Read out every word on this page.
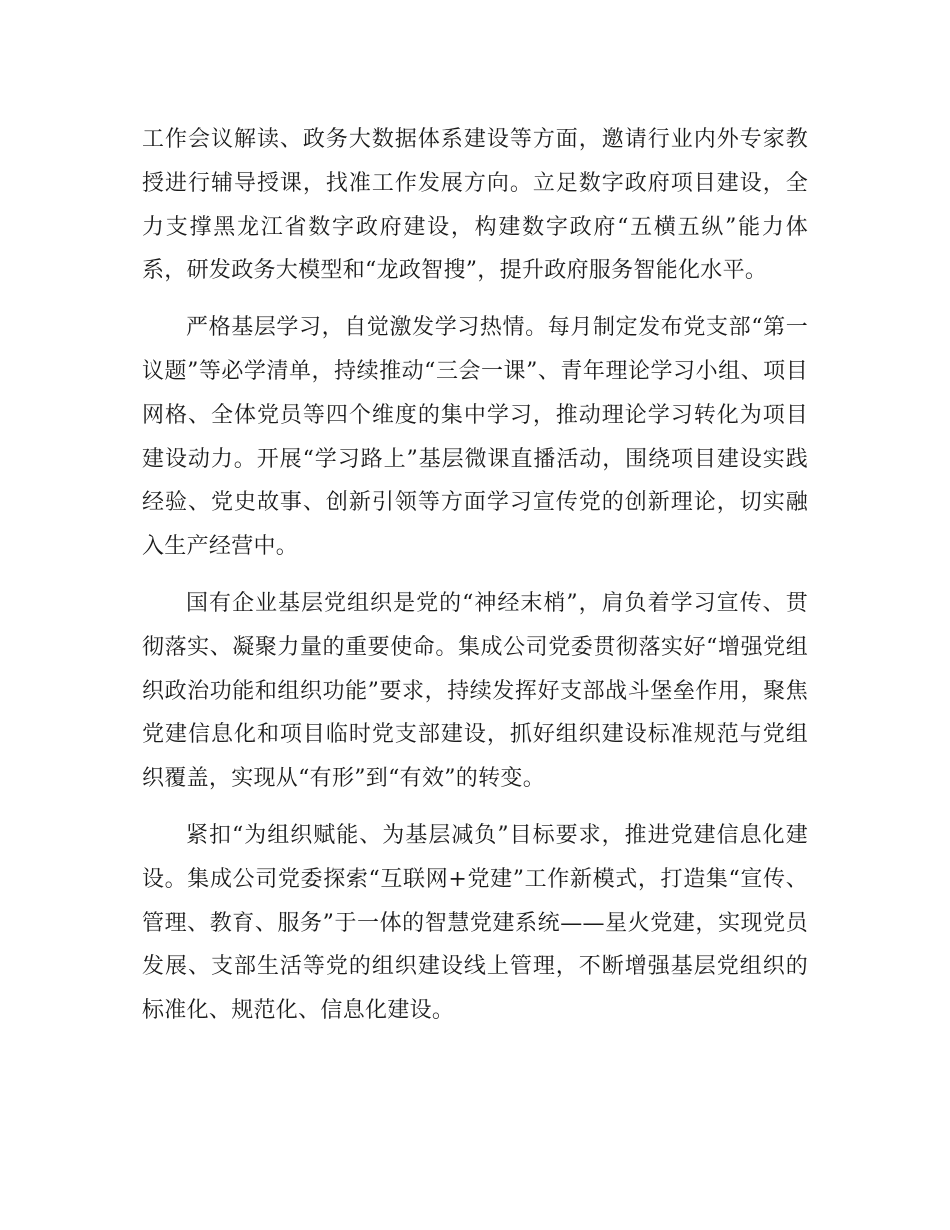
工作会议解读、政务大数据体系建设等方面，邀请行业内外专家教授进行辅导授课，找准工作发展方向。立足数字政府项目建设，全力支撑黑龙江省数字政府建设，构建数字政府“五横五纵”能力体系，研发政务大模型和“龙政智搜”，提升政府服务智能化水平。

严格基层学习，自觉激发学习热情。每月制定发布党支部“第一议题”等必学清单，持续推动“三会一课”、青年理论学习小组、项目网格、全体党员等四个维度的集中学习，推动理论学习转化为项目建设动力。开展“学习路上”基层微课直播活动，围绕项目建设实践经验、党史故事、创新引领等方面学习宣传党的创新理论，切实融入生产经营中。

国有企业基层党组织是党的“神经末梢”，肩负着学习宣传、贯彻落实、凝聚力量的重要使命。集成公司党委贯彻落实好“增强党组织政治功能和组织功能”要求，持续发挥好支部战斗堡垒作用，聚焦党建信息化和项目临时党支部建设，抓好组织建设标准规范与党组织覆盖，实现从“有形”到“有效”的转变。

紧扣“为组织赋能、为基层减负”目标要求，推进党建信息化建设。集成公司党委探索“互联网+党建”工作新模式，打造集“宣传、管理、教育、服务”于一体的智慧党建系统——星火党建，实现党员发展、支部生活等党的组织建设线上管理，不断增强基层党组织的标准化、规范化、信息化建设。
